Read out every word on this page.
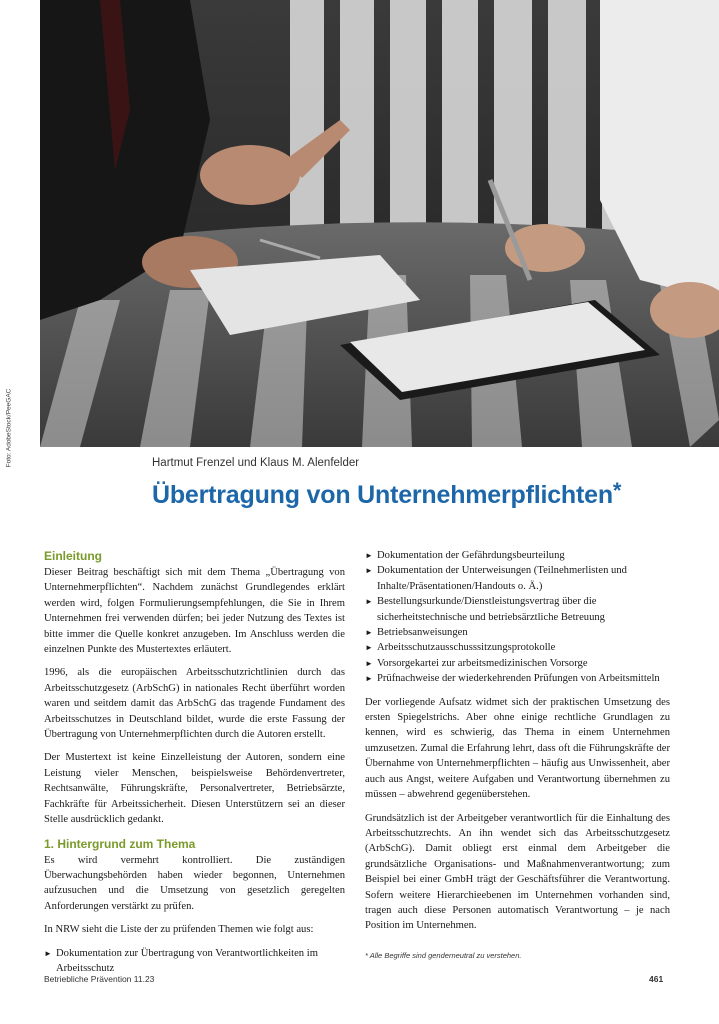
Foto: AdobeStock/PeeGAC	Hartmut Frenzel und Klaus M. Alenfelder
Übertragung von Unternehmerpflichten*
Einleitung

Dieser Beitrag beschäftigt sich mit dem Thema „Übertragung von Unternehmerpflichten“. Nachdem zunächst Grundlegendes erklärt werden wird, folgen Formulierungsempfehlungen, die Sie in Ihrem Unternehmen frei verwenden dürfen; bei jeder Nutzung des Textes ist bitte immer die Quelle konkret anzugeben. Im Anschluss werden die einzelnen Punkte des Mustertextes erläutert.

1996, als die europäischen Arbeitsschutzrichtlinien durch das Arbeitsschutzgesetz (ArbSchG) in nationales Recht überführt worden waren und seitdem damit das ArbSchG das tragende Fundament des Arbeitsschutzes in Deutschland bildet, wurde die erste Fassung der Übertragung von Unternehmerpflichten durch die Autoren erstellt.

Der Mustertext ist keine Einzelleistung der Autoren, sondern eine Leistung vieler Menschen, beispielsweise Behördenvertreter, Rechtsanwälte, Führungskräfte, Personalvertreter, Betriebsärzte, Fachkräfte für Arbeitssicherheit. Diesen Unterstützern sei an dieser Stelle ausdrücklich gedankt.

1. Hintergrund zum Thema

Es wird vermehrt kontrolliert. Die zuständigen Überwachungsbehörden haben wieder begonnen, Unternehmen aufzusuchen und die Umsetzung von gesetzlich geregelten Anforderungen verstärkt zu prüfen.

In NRW sieht die Liste der zu prüfenden Themen wie folgt aus:

► Dokumentation zur Übertragung von Verantwortlichkeiten im Arbeitsschutz
► Dokumentation der Gefährdungsbeurteilung
► Dokumentation der Unterweisungen (Teilnehmerlisten und Inhalte/Präsentationen/Handouts o. Ä.)
► Bestellungsurkunde/Dienstleistungsvertrag über die sicherheitstechnische und betriebsärztliche Betreuung
► Betriebsanweisungen
► Arbeitsschutzausschusssitzungsprotokolle
► Vorsorgekartei zur arbeitsmedizinischen Vorsorge
► Prüfnachweise der wiederkehrenden Prüfungen von Arbeitsmitteln

Der vorliegende Aufsatz widmet sich der praktischen Umsetzung des ersten Spiegelstrichs. Aber ohne einige rechtliche Grundlagen zu kennen, wird es schwierig, das Thema in einem Unternehmen umzusetzen. Zumal die Erfahrung lehrt, dass oft die Führungskräfte der Übernahme von Unternehmerpflichten – häufig aus Unwissenheit, aber auch aus Angst, weitere Aufgaben und Verantwortung übernehmen zu müssen – abwehrend gegenüberstehen.

Grundsätzlich ist der Arbeitgeber verantwortlich für die Einhaltung des Arbeitsschutzrechts. An ihn wendet sich das Arbeitsschutzgesetz (ArbSchG). Damit obliegt erst einmal dem Arbeitgeber die grundsätzliche Organisations- und Maßnahmenverantwortung; zum Beispiel bei einer GmbH trägt der Geschäftsführer die Verantwortung. Sofern weitere Hierarchieebenen im Unternehmen vorhanden sind, tragen auch diese Personen automatisch Verantwortung – je nach Position im Unternehmen.

* Alle Begriffe sind genderneutral zu verstehen.

Betriebliche Prävention 11.23	461
